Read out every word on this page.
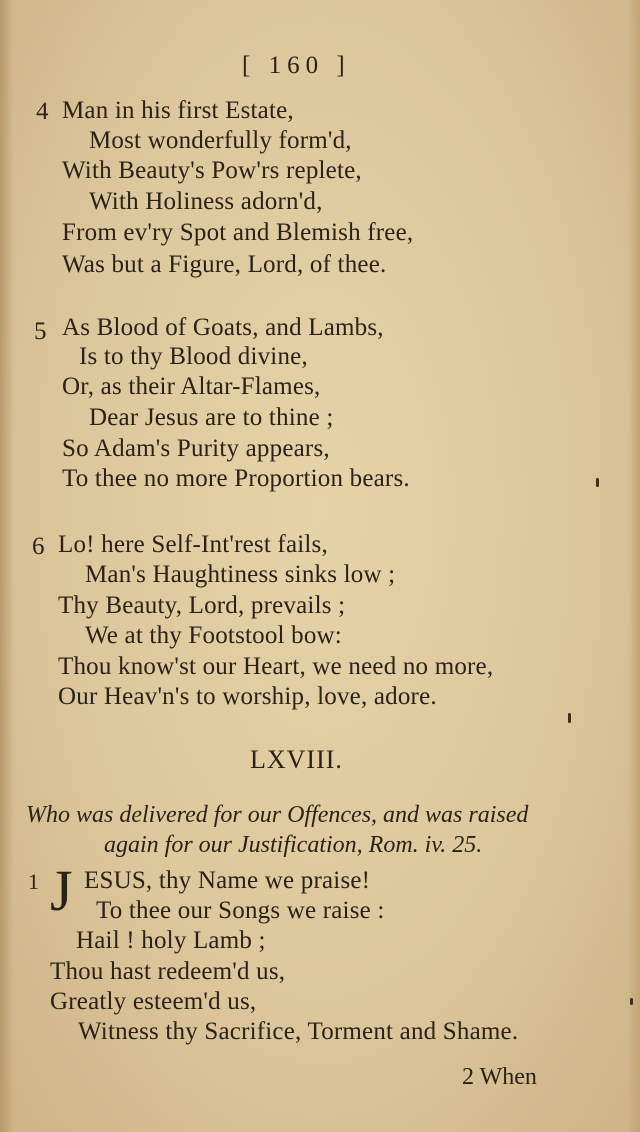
[ 160 ]
4 Man in his first Estate,
Most wonderfully form'd,
With Beauty's Pow'rs replete,
With Holiness adorn'd,
From ev'ry Spot and Blemish free,
Was but a Figure, Lord, of thee.
5 As Blood of Goats, and Lambs,
Is to thy Blood divine,
Or, as their Altar-Flames,
Dear Jesus are to thine ;
So Adam's Purity appears,
To thee no more Proportion bears.
6 Lo! here Self-Int'rest fails,
Man's Haughtiness sinks low ;
Thy Beauty, Lord, prevails ;
We at thy Footstool bow:
Thou know'st our Heart, we need no more,
Our Heav'n's to worship, love, adore.
LXVIII.
Who was delivered for our Offences, and was raised
again for our Justification, Rom. iv. 25.
1 J ESUS, thy Name we praise!
To thee our Songs we raise :
Hail ! holy Lamb ;
Thou hast redeem'd us,
Greatly esteem'd us,
Witness thy Sacrifice, Torment and Shame.
2 When
